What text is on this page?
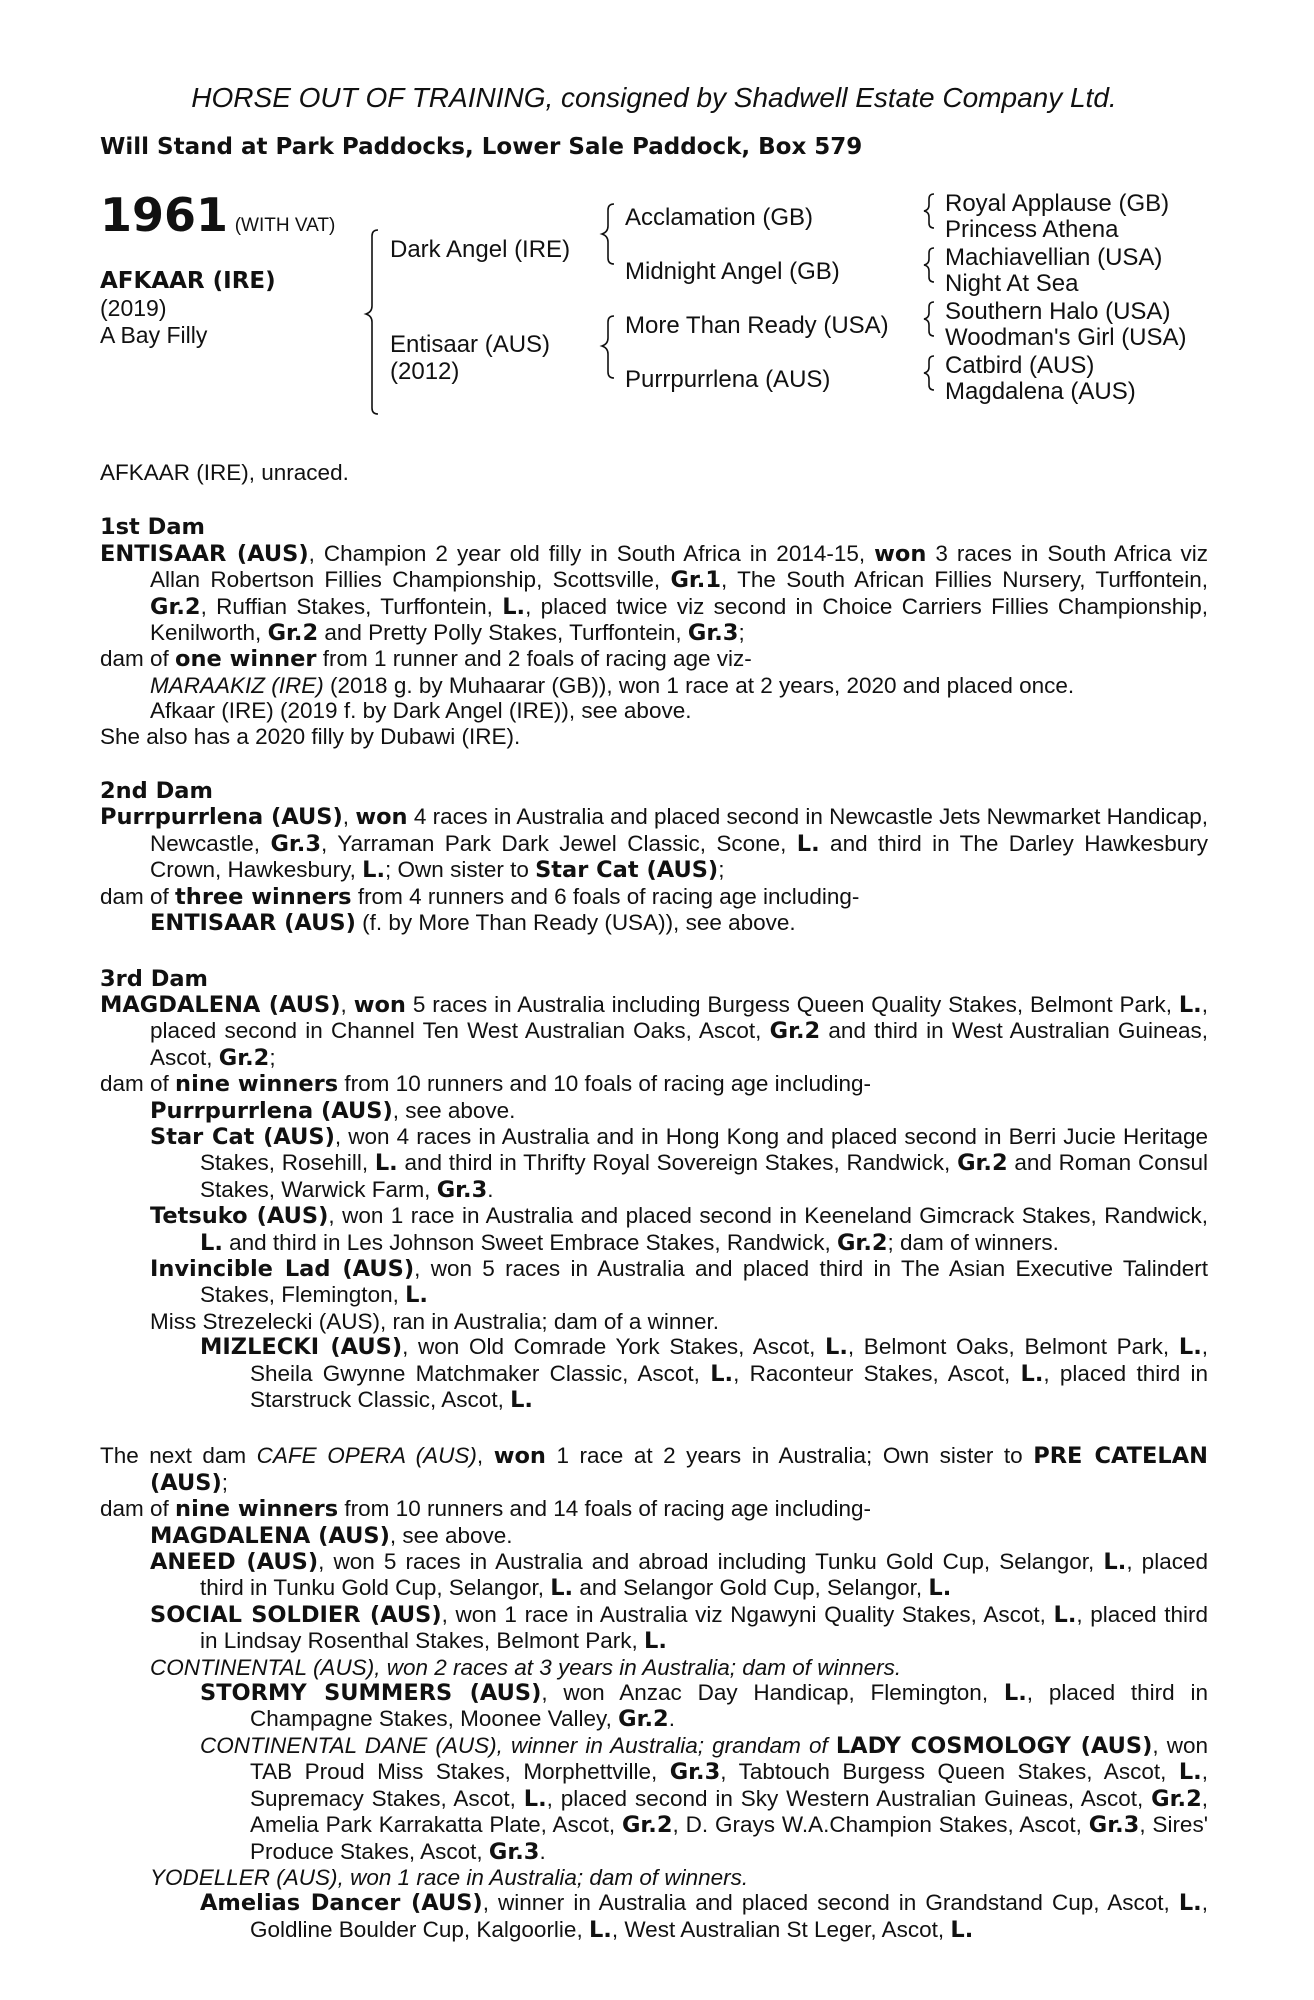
HORSE OUT OF TRAINING, consigned by Shadwell Estate Company Ltd.
Will Stand at Park Paddocks, Lower Sale Paddock, Box 579
1961 (WITH VAT)
AFKAAR (IRE)
(2019)
A Bay Filly
Dark Angel (IRE)
Entisaar (AUS)
(2012)
Acclamation (GB)
Midnight Angel (GB)
More Than Ready (USA)
Purrpurrlena (AUS)
Royal Applause (GB)
Princess Athena
Machiavellian (USA)
Night At Sea
Southern Halo (USA)
Woodman's Girl (USA)
Catbird (AUS)
Magdalena (AUS)

AFKAAR (IRE), unraced.

1st Dam

ENTISAAR (AUS), Champion 2 year old filly in South Africa in 2014-15, won 3 races in South Africa viz Allan Robertson Fillies Championship, Scottsville, Gr.1, The South African Fillies Nursery, Turffontein, Gr.2, Ruffian Stakes, Turffontein, L., placed twice viz second in Choice Carriers Fillies Championship, Kenilworth, Gr.2 and Pretty Polly Stakes, Turffontein, Gr.3;

dam of one winner from 1 runner and 2 foals of racing age viz-

MARAAKIZ (IRE) (2018 g. by Muhaarar (GB)), won 1 race at 2 years, 2020 and placed once.

Afkaar (IRE) (2019 f. by Dark Angel (IRE)), see above.

She also has a 2020 filly by Dubawi (IRE).

2nd Dam

Purrpurrlena (AUS), won 4 races in Australia and placed second in Newcastle Jets Newmarket Handicap, Newcastle, Gr.3, Yarraman Park Dark Jewel Classic, Scone, L. and third in The Darley Hawkesbury Crown, Hawkesbury, L.; Own sister to Star Cat (AUS);

dam of three winners from 4 runners and 6 foals of racing age including-

ENTISAAR (AUS) (f. by More Than Ready (USA)), see above.

3rd Dam

MAGDALENA (AUS), won 5 races in Australia including Burgess Queen Quality Stakes, Belmont Park, L., placed second in Channel Ten West Australian Oaks, Ascot, Gr.2 and third in West Australian Guineas, Ascot, Gr.2;

dam of nine winners from 10 runners and 10 foals of racing age including-

Purrpurrlena (AUS), see above.

Star Cat (AUS), won 4 races in Australia and in Hong Kong and placed second in Berri Jucie Heritage Stakes, Rosehill, L. and third in Thrifty Royal Sovereign Stakes, Randwick, Gr.2 and Roman Consul Stakes, Warwick Farm, Gr.3.

Tetsuko (AUS), won 1 race in Australia and placed second in Keeneland Gimcrack Stakes, Randwick, L. and third in Les Johnson Sweet Embrace Stakes, Randwick, Gr.2; dam of winners.

Invincible Lad (AUS), won 5 races in Australia and placed third in The Asian Executive Talindert Stakes, Flemington, L.

Miss Strezelecki (AUS), ran in Australia; dam of a winner.

MIZLECKI (AUS), won Old Comrade York Stakes, Ascot, L., Belmont Oaks, Belmont Park, L., Sheila Gwynne Matchmaker Classic, Ascot, L., Raconteur Stakes, Ascot, L., placed third in Starstruck Classic, Ascot, L.

The next dam CAFE OPERA (AUS), won 1 race at 2 years in Australia; Own sister to PRE CATELAN (AUS);

dam of nine winners from 10 runners and 14 foals of racing age including-

MAGDALENA (AUS), see above.

ANEED (AUS), won 5 races in Australia and abroad including Tunku Gold Cup, Selangor, L., placed third in Tunku Gold Cup, Selangor, L. and Selangor Gold Cup, Selangor, L.

SOCIAL SOLDIER (AUS), won 1 race in Australia viz Ngawyni Quality Stakes, Ascot, L., placed third in Lindsay Rosenthal Stakes, Belmont Park, L.

CONTINENTAL (AUS), won 2 races at 3 years in Australia; dam of winners.

STORMY SUMMERS (AUS), won Anzac Day Handicap, Flemington, L., placed third in Champagne Stakes, Moonee Valley, Gr.2.

CONTINENTAL DANE (AUS), winner in Australia; grandam of LADY COSMOLOGY (AUS), won TAB Proud Miss Stakes, Morphettville, Gr.3, Tabtouch Burgess Queen Stakes, Ascot, L., Supremacy Stakes, Ascot, L., placed second in Sky Western Australian Guineas, Ascot, Gr.2, Amelia Park Karrakatta Plate, Ascot, Gr.2, D. Grays W.A.Champion Stakes, Ascot, Gr.3, Sires' Produce Stakes, Ascot, Gr.3.

YODELLER (AUS), won 1 race in Australia; dam of winners.

Amelias Dancer (AUS), winner in Australia and placed second in Grandstand Cup, Ascot, L., Goldline Boulder Cup, Kalgoorlie, L., West Australian St Leger, Ascot, L.
